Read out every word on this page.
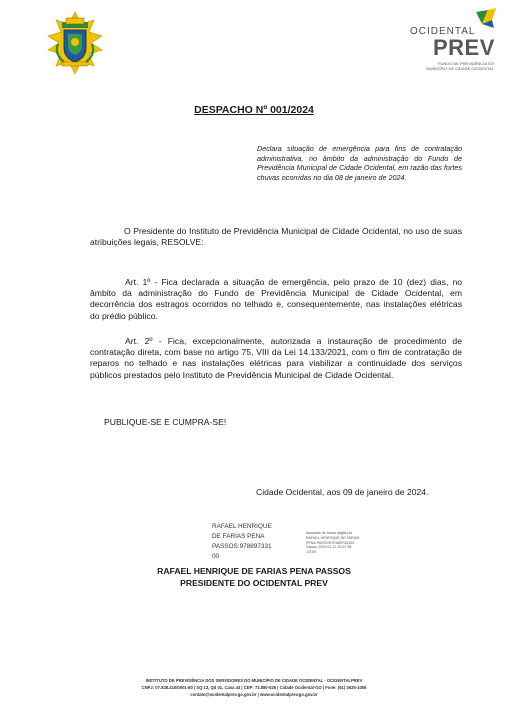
OCIDENTAL
PREV
FUNDO DE PREVIDÊNCIA DO
MUNICÍPIO DE CIDADE OCIDENTAL
DESPACHO Nº 001/2024
Declara situação de emergência para fins de contratação administrativa, no âmbito da administração do Fundo de Previdência Municipal de Cidade Ocidental, em razão das fortes chuvas ocorridas no dia 08 de janeiro de 2024.
O Presidente do Instituto de Previdência Municipal de Cidade Ocidental, no uso de suas atribuições legais, RESOLVE:
Art. 1º - Fica declarada a situação de emergência, pelo prazo de 10 (dez) dias, no âmbito da administração do Fundo de Previdência Municipal de Cidade Ocidental, em decorrência dos estragos ocorridos no telhado e, consequentemente, nas instalações elétricas do prédio público.
Art. 2º - Fica, excepcionalmente, autorizada a instauração de procedimento de contratação direta, com base no artigo 75, VIII da Lei 14.133/2021, com o fim de contratação de reparos no telhado e nas instalações elétricas para viabilizar a continuidade dos serviços públicos prestados pelo Instituto de Previdência Municipal de Cidade Ocidental.
PUBLIQUE-SE E CUMPRA-SE!
Cidade Ocidental, aos 09 de janeiro de 2024.
RAFAEL HENRIQUE
DE FARIAS PENA
PASSOS:978897331
00
Assinado de forma digital por
RAFAEL HENRIQUE DE FARIAS
PENA PASSOS:97889733100
Dados: 2024.01.12 10:27:38
-03'00'
RAFAEL HENRIQUE DE FARIAS PENA PASSOS
PRESIDENTE DO OCIDENTAL PREV
INSTITUTO DE PREVIDÊNCIA DOS SERVIDORES DO MUNICÍPIO DE CIDADE OCIDENTAL - OCIDENTALPREV
CNPJ: 07.828.410/0001-80 | SQ 13, Qd 01, Casa 44 | CEP: 72.880-526 | Cidade Ocidental-GO | Fone: (61) 3625-1006
contato@ocidentalprev.go.gov.br | www.ocidentalprev.go.gov.br
